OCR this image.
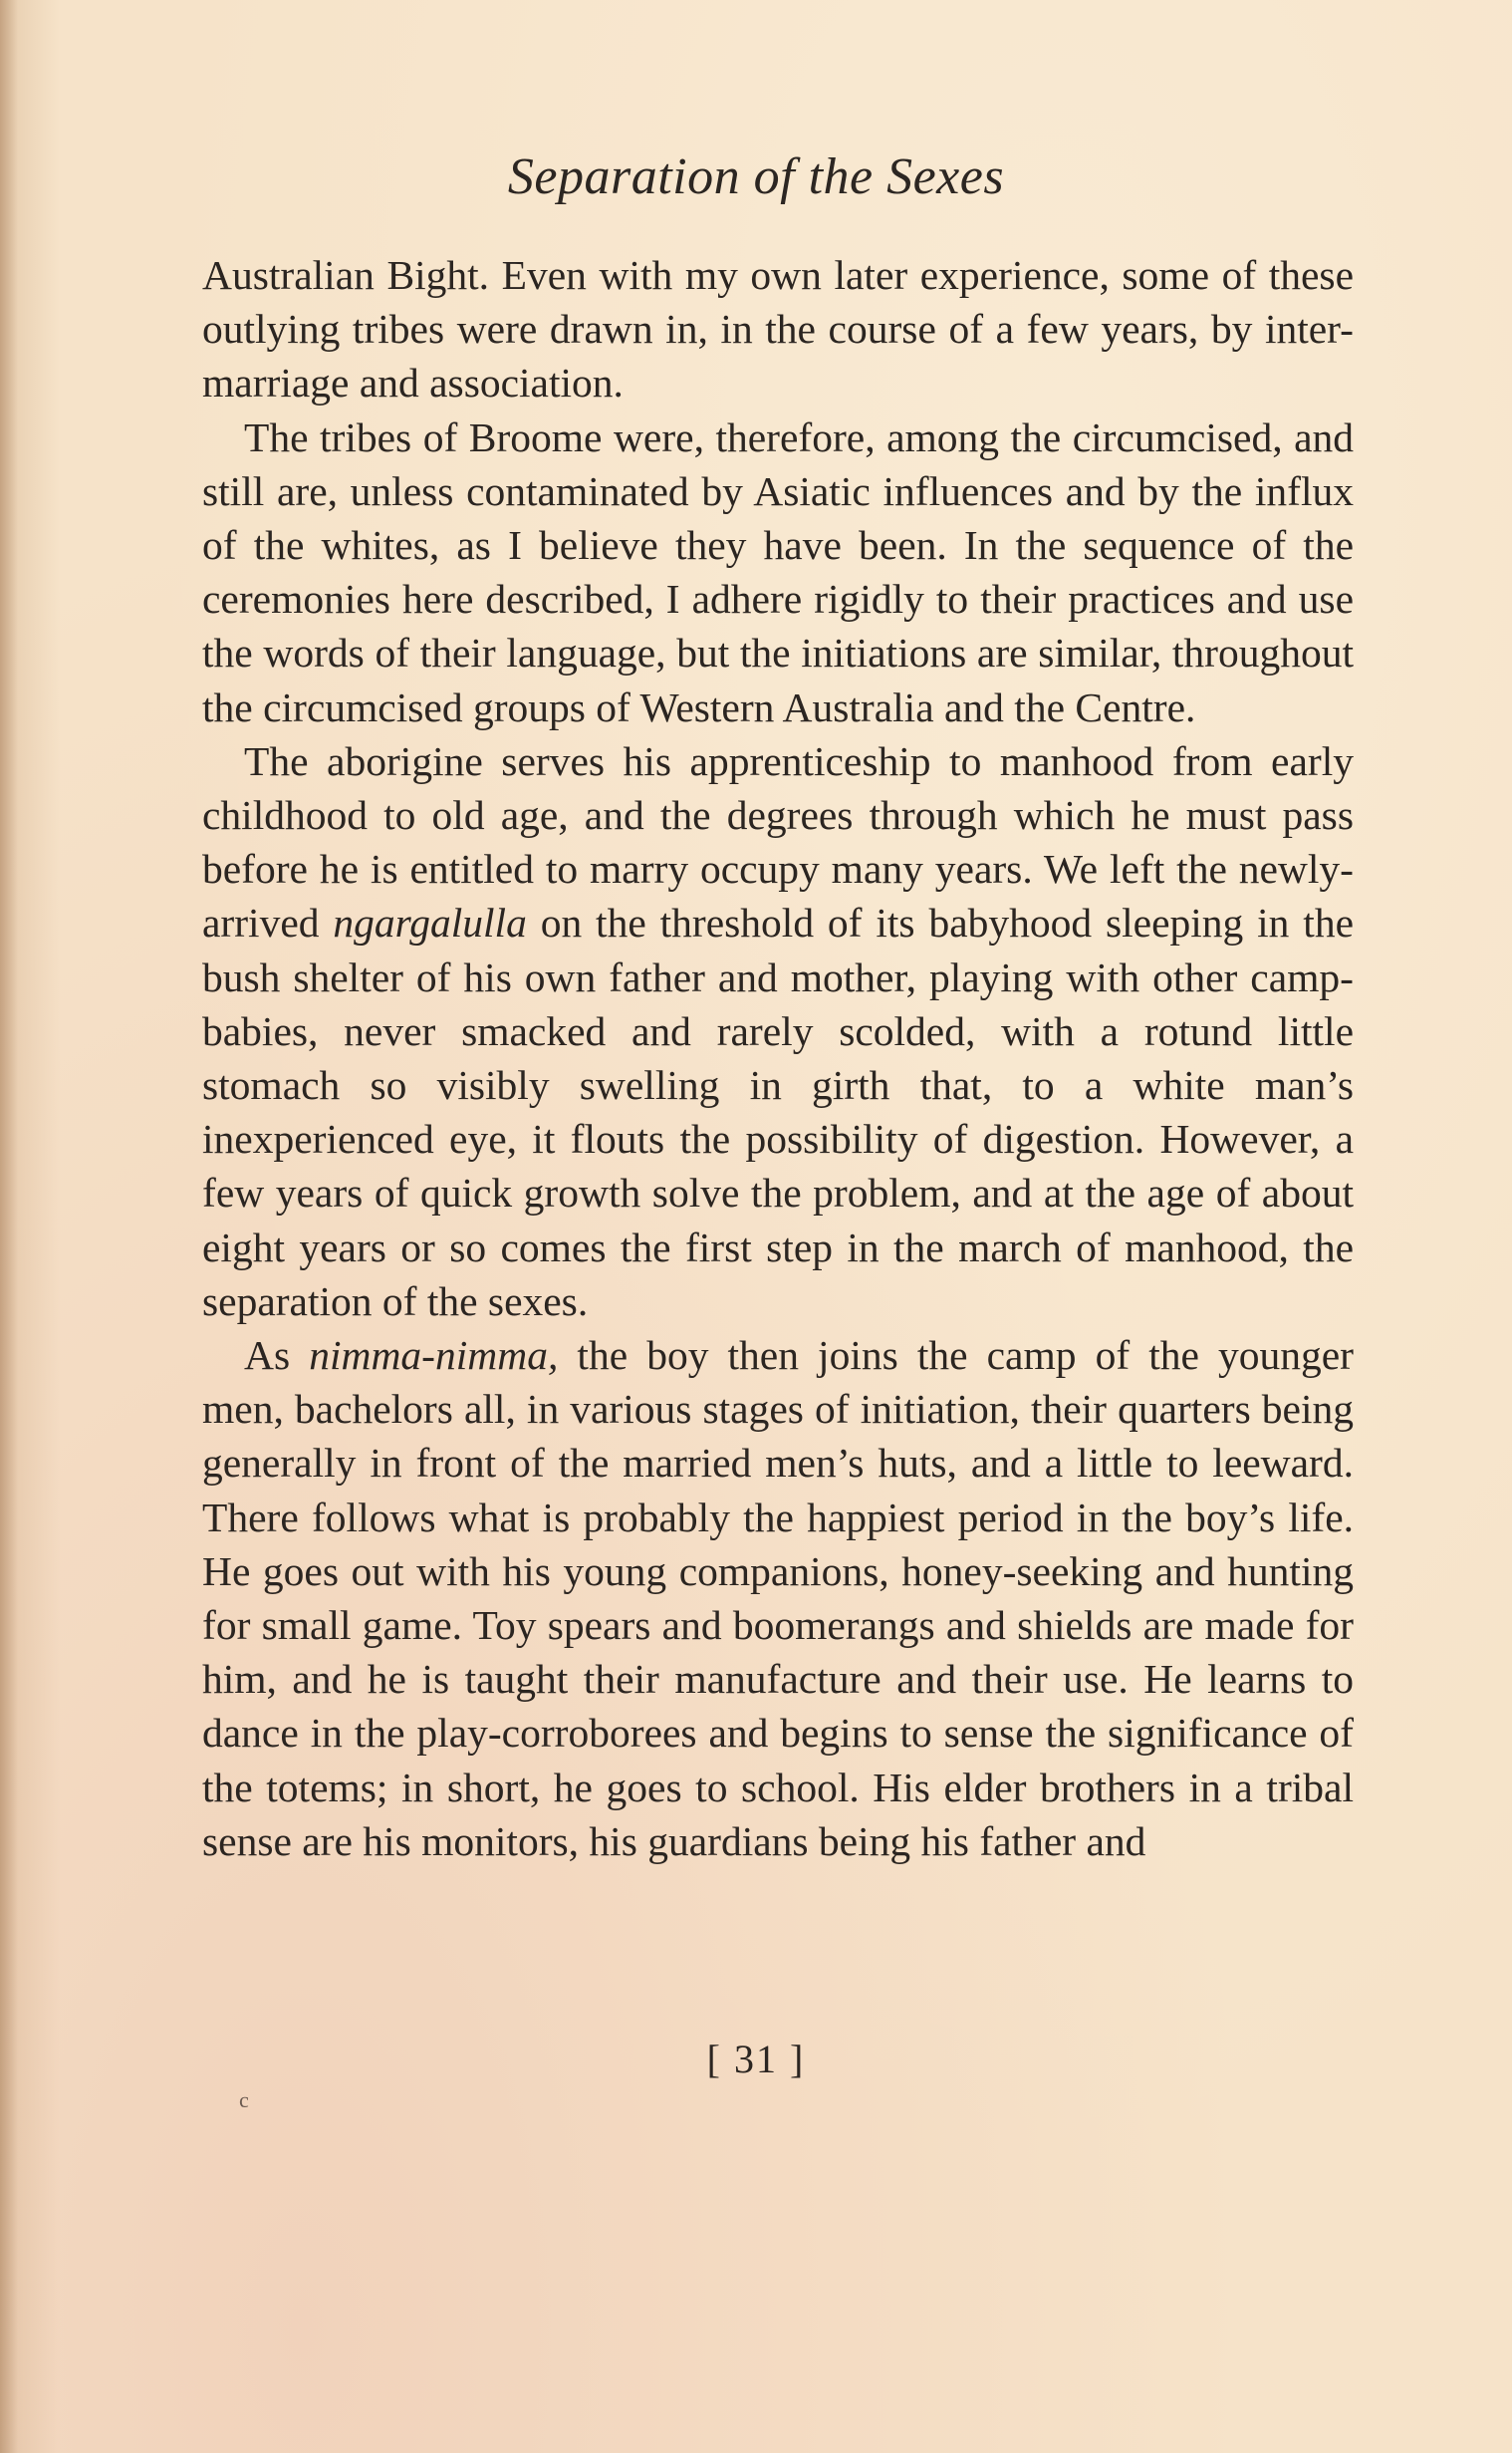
Separation of the Sexes

Australian Bight. Even with my own later experience, some of these outlying tribes were drawn in, in the course of a few years, by inter-marriage and association.

The tribes of Broome were, therefore, among the circumcised, and still are, unless contaminated by Asiatic influences and by the influx of the whites, as I believe they have been. In the sequence of the ceremonies here described, I adhere rigidly to their practices and use the words of their language, but the initiations are similar, throughout the circumcised groups of Western Australia and the Centre.

The aborigine serves his apprenticeship to manhood from early childhood to old age, and the degrees through which he must pass before he is entitled to marry occupy many years. We left the newly-arrived ngargalulla on the threshold of its babyhood sleeping in the bush shelter of his own father and mother, playing with other camp-babies, never smacked and rarely scolded, with a rotund little stomach so visibly swelling in girth that, to a white man’s inexperienced eye, it flouts the possibility of digestion. However, a few years of quick growth solve the problem, and at the age of about eight years or so comes the first step in the march of manhood, the separation of the sexes.

As nimma-nimma, the boy then joins the camp of the younger men, bachelors all, in various stages of initiation, their quarters being generally in front of the married men’s huts, and a little to leeward. There follows what is probably the happiest period in the boy’s life. He goes out with his young companions, honey-seeking and hunting for small game. Toy spears and boomerangs and shields are made for him, and he is taught their manufacture and their use. He learns to dance in the play-corroborees and begins to sense the significance of the totems; in short, he goes to school. His elder brothers in a tribal sense are his monitors, his guardians being his father and

[ 31 ]
c
